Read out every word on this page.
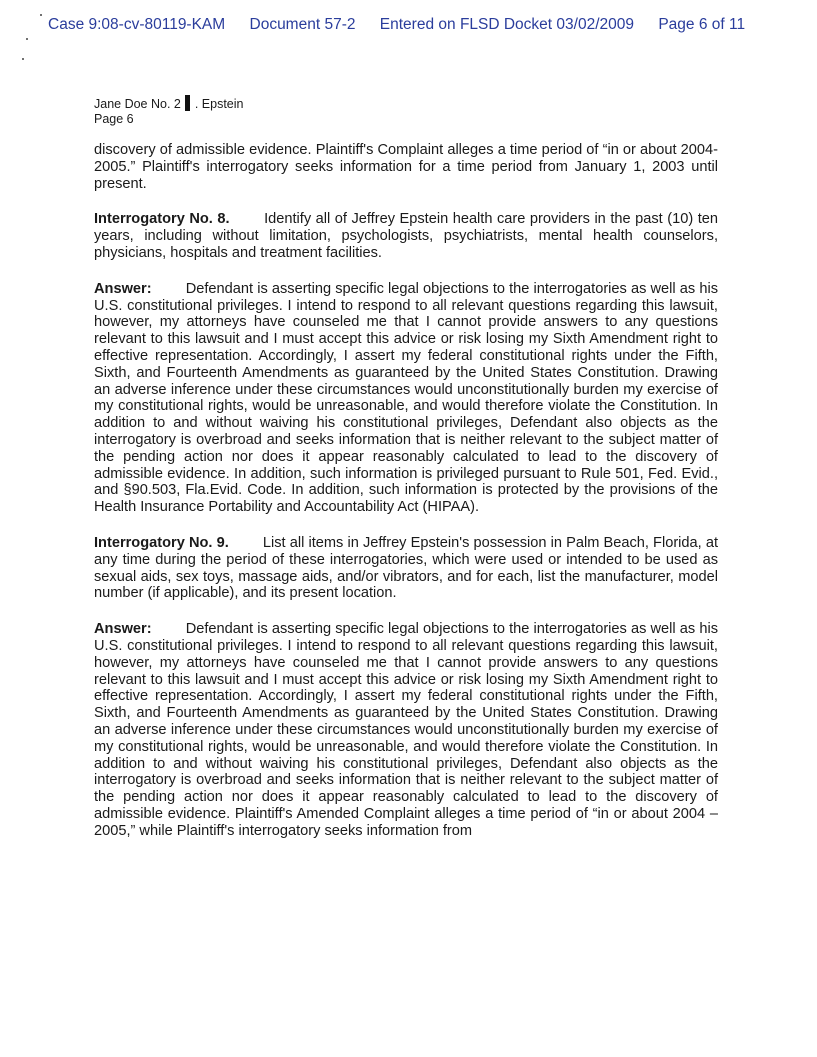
Case 9:08-cv-80119-KAM Document 57-2 Entered on FLSD Docket 03/02/2009 Page 6 of 11
Jane Doe No. 2 . Epstein
Page 6

discovery of admissible evidence. Plaintiff's Complaint alleges a time period of “in or about 2004-2005.” Plaintiff's interrogatory seeks information for a time period from January 1, 2003 until present.

Interrogatory No. 8. Identify all of Jeffrey Epstein health care providers in the past (10) ten years, including without limitation, psychologists, psychiatrists, mental health counselors, physicians, hospitals and treatment facilities.

Answer: Defendant is asserting specific legal objections to the interrogatories as well as his U.S. constitutional privileges. I intend to respond to all relevant questions regarding this lawsuit, however, my attorneys have counseled me that I cannot provide answers to any questions relevant to this lawsuit and I must accept this advice or risk losing my Sixth Amendment right to effective representation. Accordingly, I assert my federal constitutional rights under the Fifth, Sixth, and Fourteenth Amendments as guaranteed by the United States Constitution. Drawing an adverse inference under these circumstances would unconstitutionally burden my exercise of my constitutional rights, would be unreasonable, and would therefore violate the Constitution. In addition to and without waiving his constitutional privileges, Defendant also objects as the interrogatory is overbroad and seeks information that is neither relevant to the subject matter of the pending action nor does it appear reasonably calculated to lead to the discovery of admissible evidence. In addition, such information is privileged pursuant to Rule 501, Fed. Evid., and §90.503, Fla.Evid. Code. In addition, such information is protected by the provisions of the Health Insurance Portability and Accountability Act (HIPAA).

Interrogatory No. 9. List all items in Jeffrey Epstein's possession in Palm Beach, Florida, at any time during the period of these interrogatories, which were used or intended to be used as sexual aids, sex toys, massage aids, and/or vibrators, and for each, list the manufacturer, model number (if applicable), and its present location.

Answer: Defendant is asserting specific legal objections to the interrogatories as well as his U.S. constitutional privileges. I intend to respond to all relevant questions regarding this lawsuit, however, my attorneys have counseled me that I cannot provide answers to any questions relevant to this lawsuit and I must accept this advice or risk losing my Sixth Amendment right to effective representation. Accordingly, I assert my federal constitutional rights under the Fifth, Sixth, and Fourteenth Amendments as guaranteed by the United States Constitution. Drawing an adverse inference under these circumstances would unconstitutionally burden my exercise of my constitutional rights, would be unreasonable, and would therefore violate the Constitution. In addition to and without waiving his constitutional privileges, Defendant also objects as the interrogatory is overbroad and seeks information that is neither relevant to the subject matter of the pending action nor does it appear reasonably calculated to lead to the discovery of admissible evidence. Plaintiff's Amended Complaint alleges a time period of “in or about 2004 – 2005,” while Plaintiff's interrogatory seeks information from
